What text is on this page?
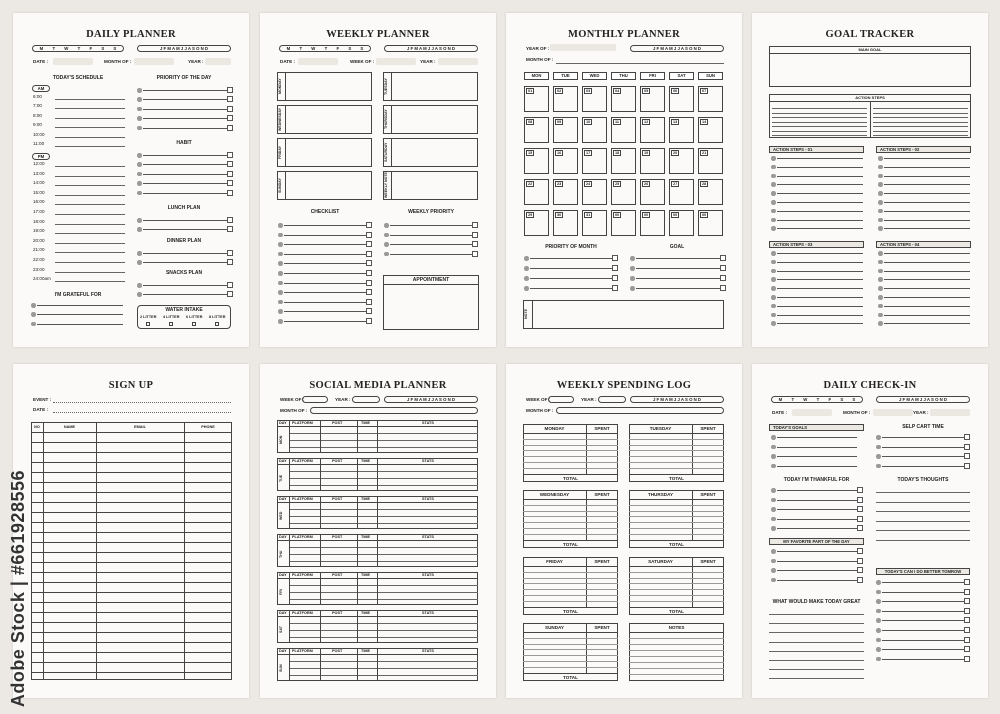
DAILY PLANNER
M T W T F S S	J F M A M J J A S O N D
DATE :	MONTH OF :	YEAR :
TODAY'S SCHEDULE
AM
PM
PRIORITY OF THE DAY
HABIT
LUNCH PLAN
DINNER PLAN
SNACKS PLAN
I'M GRATEFUL FOR
WATER INTAKE
6:00
7:00
8:00
9:00
10:00
11:00
12:00
13:00
14:00
15:00
16:00
17:00
18:00
19:00
20:00
21:00
22:00
23:00
24:00am
2 LITTER 4 LITTER 6 LITTER 8 LITTER
WEEKLY PLANNER
M T W T F S S	J F M A M J J A S O N D
DATE :	WEEK OF :	YEAR :
CHECKLIST	WEEKLY PRIORITY
APPOINTMENT
MONDAY	TUESDAY
WEDNESDAY	THURSDAY
FRIDAY	SATURDAY
SUNDAY	WEEKLY NOTE
MONTHLY PLANNER
YEAR OF :	J F M A M J J A S O N D
MONTH OF :
PRIORITY OF MONTH	GOAL
NOTE
MON	TUE	WED	THU	FRI	SAT	SUN
01	02	03	04	05	06	07
08	09	10	11	12	13	14
15	16	17	18	19	20	21
22	23	24	25	26	27	28
29	30	31	00	00	00	00
GOAL TRACKER
MAIN GOAL
ACTION STEPS
ACTION STEPS - 01	ACTION STEPS - 02
ACTION STEPS - 03	ACTION STEPS - 04
SIGN UP
EVENT :
DATE :
NO	NAME	EMAIL	PHONE
SOCIAL MEDIA PLANNER
WEEK OF :	YEAR :	J F M A M J J A S O N D
MONTH OF :
DAY PLATFORM	POST	TIME	STATS
MON
DAY PLATFORM	POST	TIME	STATS
TUE
DAY PLATFORM	POST	TIME	STATS
WED
DAY PLATFORM	POST	TIME	STATS
THU
DAY PLATFORM	POST	TIME	STATS
FRI
DAY PLATFORM	POST	TIME	STATS
SAT
DAY PLATFORM	POST	TIME	STATS
SUN
WEEKLY SPENDING LOG
WEEK OF :	YEAR :	J F M A M J J A S O N D
MONTH OF :
MONDAY	SPENT
TOTAL
TUESDAY	SPENT
TOTAL
WEDNESDAY	SPENT
TOTAL
THURSDAY	SPENT
TOTAL
FRIDAY	SPENT
TOTAL
SATURDAY	SPENT
TOTAL
SUNDAY	SPENT
TOTAL
NOTES
DAILY CHECK-IN
M T W T F S S	J F M A M J J A S O N D
DATE :	MONTH OF :	YEAR :
TODAY'S GOALS	SELP CART TIME
TODAY I'M THANKFUL FOR	TODAY'S THOUGHTS
MY FAVORITE PART OF THE DAY
TODAY'S CAN I DO BETTER TOMROW
WHAT WOULD MAKE TODAY GREAT
Adobe Stock | #661928556
